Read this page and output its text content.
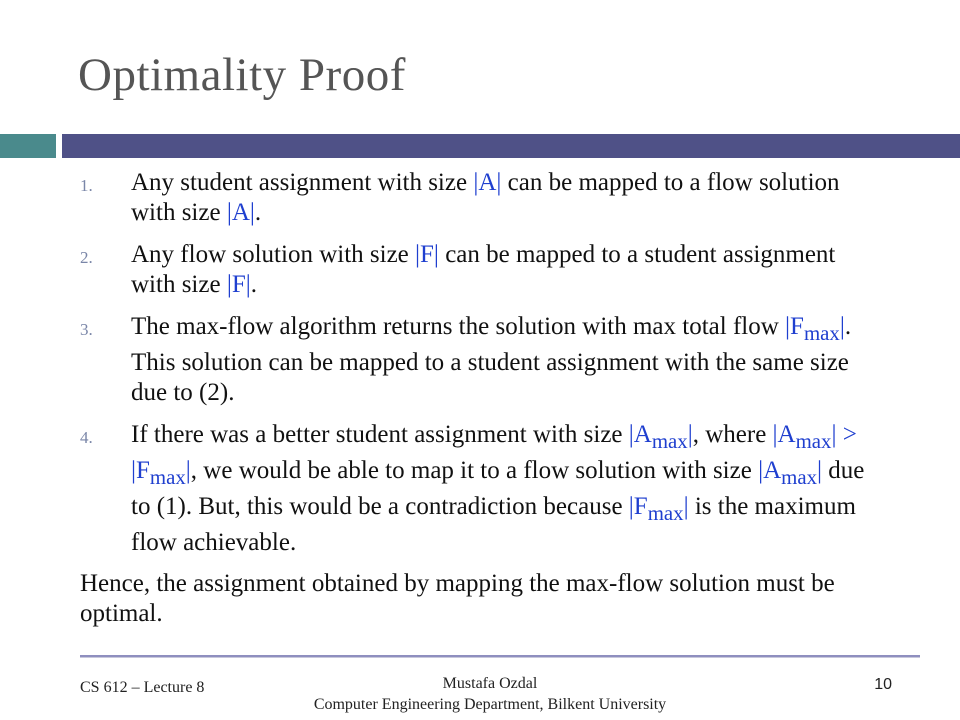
Optimality Proof
1. Any student assignment with size |A| can be mapped to a flow solution with size |A|.
2. Any flow solution with size |F| can be mapped to a student assignment with size |F|.
3. The max-flow algorithm returns the solution with max total flow $|F_{max}|$. This solution can be mapped to a student assignment with the same size due to (2).
4. If there was a better student assignment with size $|A_{max}|$, where $|A_{max}| > |F_{max}|$, we would be able to map it to a flow solution with size $|A_{max}|$ due to (1). But, this would be a contradiction because $|F_{max}|$ is the maximum flow achievable.
Hence, the assignment obtained by mapping the max-flow solution must be optimal.
CS 612 – Lecture 8	Mustafa Ozdal
Computer Engineering Department, Bilkent University
10
